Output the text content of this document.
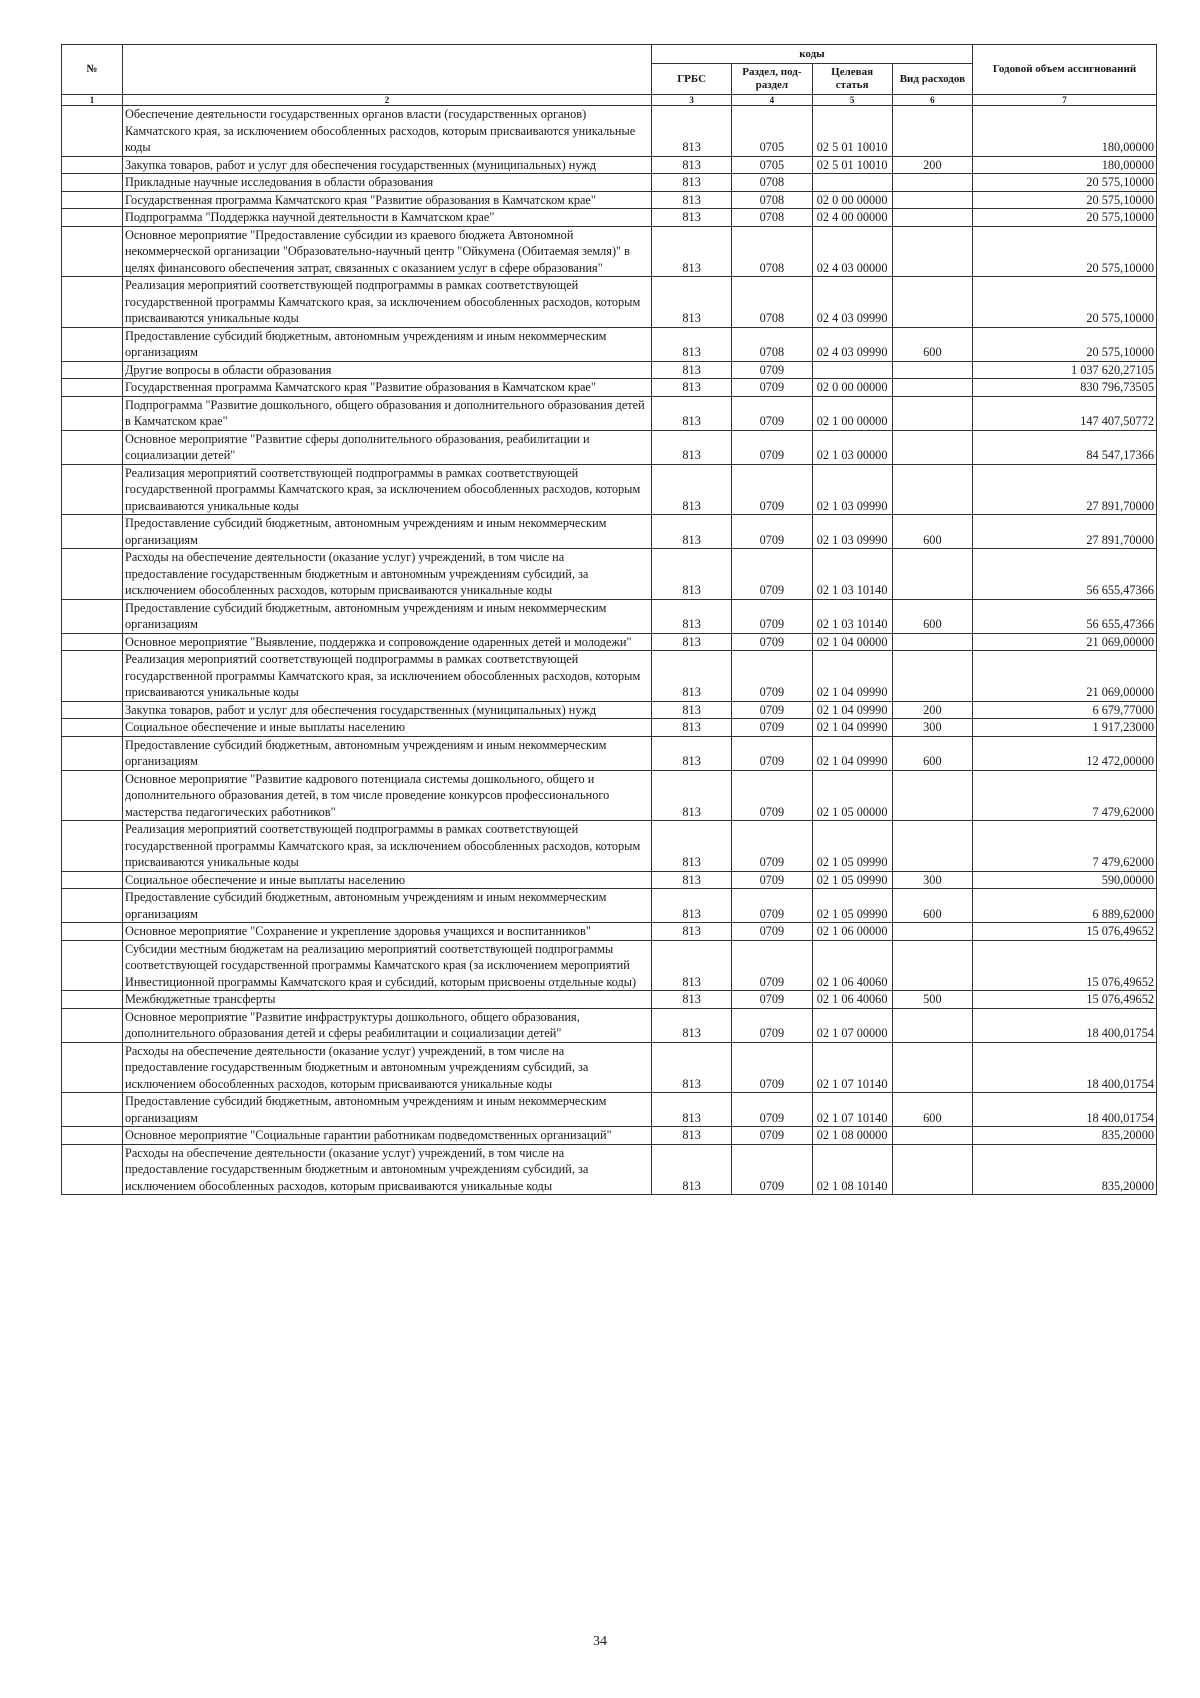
№		коды				Годовой объем ассигнований
		ГРБС	Раздел, под-раздел	Целевая статья	Вид расходов	
1	2	3	4	5	6	7
	Обеспечение деятельности государственных органов власти (государственных органов) Камчатского края, за исключением обособленных расходов, которым присваиваются уникальные коды	813	0705	02 5 01 10010		180,00000
	Закупка товаров, работ и услуг для обеспечения государственных (муниципальных) нужд	813	0705	02 5 01 10010	200	180,00000
	Прикладные научные исследования в области образования	813	0708			20 575,10000
	Государственная программа Камчатского края "Развитие образования в Камчатском крае"	813	0708	02 0 00 00000		20 575,10000
	Подпрограмма "Поддержка научной деятельности в Камчатском крае"	813	0708	02 4 00 00000		20 575,10000
	Основное мероприятие "Предоставление субсидии из краевого бюджета Автономной некоммерческой организации "Образовательно-научный центр "Ойкумена (Обитаемая земля)" в целях финансового обеспечения затрат, связанных с оказанием услуг в сфере образования"	813	0708	02 4 03 00000		20 575,10000
	Реализация мероприятий соответствующей подпрограммы в рамках соответствующей государственной программы Камчатского края, за исключением обособленных расходов, которым присваиваются уникальные коды	813	0708	02 4 03 09990		20 575,10000
	Предоставление субсидий бюджетным, автономным учреждениям и иным некоммерческим организациям	813	0708	02 4 03 09990	600	20 575,10000
	Другие вопросы в области образования	813	0709			1 037 620,27105
	Государственная программа Камчатского края "Развитие образования в Камчатском крае"	813	0709	02 0 00 00000		830 796,73505
	Подпрограмма "Развитие дошкольного, общего образования и дополнительного образования детей в Камчатском крае"	813	0709	02 1 00 00000		147 407,50772
	Основное мероприятие "Развитие сферы дополнительного образования, реабилитации и социализации детей"	813	0709	02 1 03 00000		84 547,17366
	Реализация мероприятий соответствующей подпрограммы в рамках соответствующей государственной программы Камчатского края, за исключением обособленных расходов, которым присваиваются уникальные коды	813	0709	02 1 03 09990		27 891,70000
	Предоставление субсидий бюджетным, автономным учреждениям и иным некоммерческим организациям	813	0709	02 1 03 09990	600	27 891,70000
	Расходы на обеспечение деятельности (оказание услуг) учреждений, в том числе на предоставление государственным бюджетным и автономным учреждениям субсидий, за исключением обособленных расходов, которым присваиваются уникальные коды	813	0709	02 1 03 10140		56 655,47366
	Предоставление субсидий бюджетным, автономным учреждениям и иным некоммерческим организациям	813	0709	02 1 03 10140	600	56 655,47366
	Основное мероприятие "Выявление, поддержка и сопровождение одаренных детей и молодежи"	813	0709	02 1 04 00000		21 069,00000
	Реализация мероприятий соответствующей подпрограммы в рамках соответствующей государственной программы Камчатского края, за исключением обособленных расходов, которым присваиваются уникальные коды	813	0709	02 1 04 09990		21 069,00000
	Закупка товаров, работ и услуг для обеспечения государственных (муниципальных) нужд	813	0709	02 1 04 09990	200	6 679,77000
	Социальное обеспечение и иные выплаты населению	813	0709	02 1 04 09990	300	1 917,23000
	Предоставление субсидий бюджетным, автономным учреждениям и иным некоммерческим организациям	813	0709	02 1 04 09990	600	12 472,00000
	Основное мероприятие "Развитие кадрового потенциала системы дошкольного, общего и дополнительного образования детей, в том числе проведение конкурсов профессионального мастерства педагогических работников"	813	0709	02 1 05 00000		7 479,62000
	Реализация мероприятий соответствующей подпрограммы в рамках соответствующей государственной программы Камчатского края, за исключением обособленных расходов, которым присваиваются уникальные коды	813	0709	02 1 05 09990		7 479,62000
	Социальное обеспечение и иные выплаты населению	813	0709	02 1 05 09990	300	590,00000
	Предоставление субсидий бюджетным, автономным учреждениям и иным некоммерческим организациям	813	0709	02 1 05 09990	600	6 889,62000
	Основное мероприятие "Сохранение и укрепление здоровья учащихся и воспитанников"	813	0709	02 1 06 00000		15 076,49652
	Субсидии местным бюджетам на реализацию мероприятий соответствующей подпрограммы соответствующей государственной программы Камчатского края (за исключением мероприятий Инвестиционной программы Камчатского края и субсидий, которым присвоены отдельные коды)	813	0709	02 1 06 40060		15 076,49652
	Межбюджетные трансферты	813	0709	02 1 06 40060	500	15 076,49652
	Основное мероприятие "Развитие инфраструктуры дошкольного, общего образования, дополнительного образования детей и сферы реабилитации и социализации детей"	813	0709	02 1 07 00000		18 400,01754
	Расходы на обеспечение деятельности (оказание услуг) учреждений, в том числе на предоставление государственным бюджетным и автономным учреждениям субсидий, за исключением обособленных расходов, которым присваиваются уникальные коды	813	0709	02 1 07 10140		18 400,01754
	Предоставление субсидий бюджетным, автономным учреждениям и иным некоммерческим организациям	813	0709	02 1 07 10140	600	18 400,01754
	Основное мероприятие "Социальные гарантии работникам подведомственных организаций"	813	0709	02 1 08 00000		835,20000
	Расходы на обеспечение деятельности (оказание услуг) учреждений, в том числе на предоставление государственным бюджетным и автономным учреждениям субсидий, за исключением обособленных расходов, которым присваиваются уникальные коды	813	0709	02 1 08 10140		835,20000
34
